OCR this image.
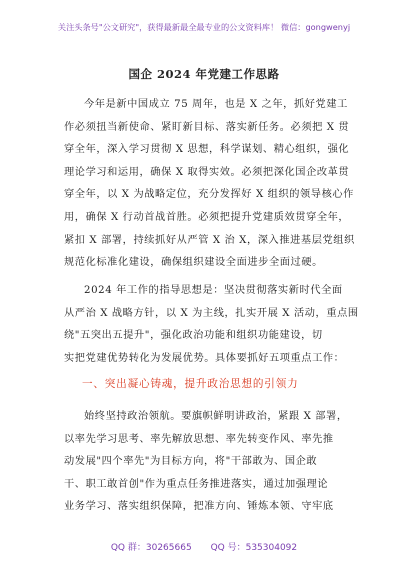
关注头条号"公文研究"，获得最新最全最专业的公文资料库！ 微信：gongwenyj
国企 2024 年党建工作思路
今年是新中国成立 75 周年，也是 X 之年，抓好党建工
作必须扭当新使命、紧盯新目标、落实新任务。必须把 X 贯
穿全年，深入学习贯彻 X 思想，科学谋划、精心组织，强化
理论学习和运用，确保 X 取得实效。必须把深化国企改革贯
穿全年，以 X 为战略定位，充分发挥好 X 组织的领导核心作
用，确保 X 行动首战首胜。必须把提升党建质效贯穿全年，
紧扣 X 部署，持续抓好从严管 X 治 X，深入推进基层党组织
规范化标准化建设，确保组织建设全面进步全面过硬。
2024 年工作的指导思想是：坚决贯彻落实新时代全面
从严治 X 战略方针，以 X 为主线，扎实开展 X 活动，重点围
绕"五突出五提升"，强化政治功能和组织功能建设，切
实把党建优势转化为发展优势。具体要抓好五项重点工作：
一、突出凝心铸魂，提升政治思想的引领力
始终坚持政治领航。要旗帜鲜明讲政治，紧跟 X 部署，
以率先学习思考、率先解放思想、率先转变作风、率先推
动发展"四个率先"为目标方向，将"干部敢为、国企敢
干、职工敢首创"作为重点任务推进落实，通过加强理论
业务学习、落实组织保障，把准方向、锤炼本领、守牢底
QQ 群：30265665 QQ 号：535304092
